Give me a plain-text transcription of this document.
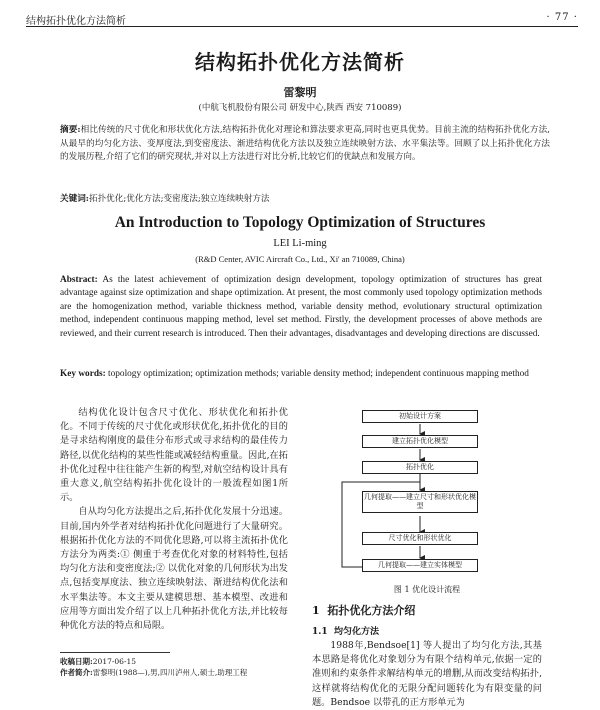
结构拓扑优化方法简析	· 77 ·
结构拓扑优化方法简析
雷黎明
(中航飞机股份有限公司 研发中心,陕西 西安 710089)
摘要:相比传统的尺寸优化和形状优化方法,结构拓扑优化对理论和算法要求更高,同时也更具优势。目前主流的结构拓扑优化方法,从最早的均匀化方法、变厚度法,到变密度法、渐进结构优化方法以及独立连续映射方法、水平集法等。回顾了以上拓扑优化方法的发展历程,介绍了它们的研究现状,并对以上方法进行对比分析,比较它们的优缺点和发展方向。
关键词:拓扑优化;优化方法;变密度法;独立连续映射方法
An Introduction to Topology Optimization of Structures
LEI Li-ming
(R&D Center, AVIC Aircraft Co., Ltd., Xi' an 710089, China)
Abstract: As the latest achievement of optimization design development, topology optimization of structures has great advantage against size optimization and shape optimization. At present, the most commonly used topology optimization methods are the homogenization method, variable thickness method, variable density method, evolutionary structural optimization method, independent continuous mapping method, level set method. Firstly, the development processes of above methods are reviewed, and their current research is introduced. Then their advantages, disadvantages and developing directions are discussed.
Key words: topology optimization; optimization methods; variable density method; independent continuous mapping method

结构优化设计包含尺寸优化、形状优化和拓扑优化。不同于传统的尺寸优化或形状优化,拓扑优化的目的是寻求结构刚度的最佳分布形式或寻求结构的最佳传力路径,以优化结构的某些性能或减轻结构重量。因此,在拓扑优化过程中往往能产生新的构型,对航空结构设计具有重大意义,航空结构拓扑优化设计的一般流程如图1所示。

自从均匀化方法提出之后,拓扑优化发展十分迅速。目前,国内外学者对结构拓扑优化问题进行了大量研究。根据拓扑优化方法的不同优化思路,可以将主流拓扑优化方法分为两类:① 侧重于考查优化对象的材料特性,包括均匀化方法和变密度法;② 以优化对象的几何形状为出发点,包括变厚度法、独立连续映射法、渐进结构优化法和水平集法等。本文主要从建模思想、基本模型、改进和应用等方面出发介绍了以上几种拓扑优化方法,并比较每种优化方法的特点和局限。

收稿日期:2017-06-15
作者简介:雷黎明(1988—),男,四川泸州人,硕士,助理工程
初始设计方案
建立拓扑优化模型
拓扑优化
几何提取——建立尺寸和形状优化模型
尺寸优化和形状优化
几何提取——建立实体模型
图 1 优化设计流程
1 拓扑优化方法介绍
1.1 均匀化方法

1988年,Bendsoe[1] 等人提出了均匀化方法,其基本思路是将优化对象划分为有限个结构单元,依据一定的准则和约束条件求解结构单元的增删,从而改变结构拓扑,这样就将结构优化的无限分配问题转化为有限变量的问题。Bendsoe 以带孔的正方形单元为
